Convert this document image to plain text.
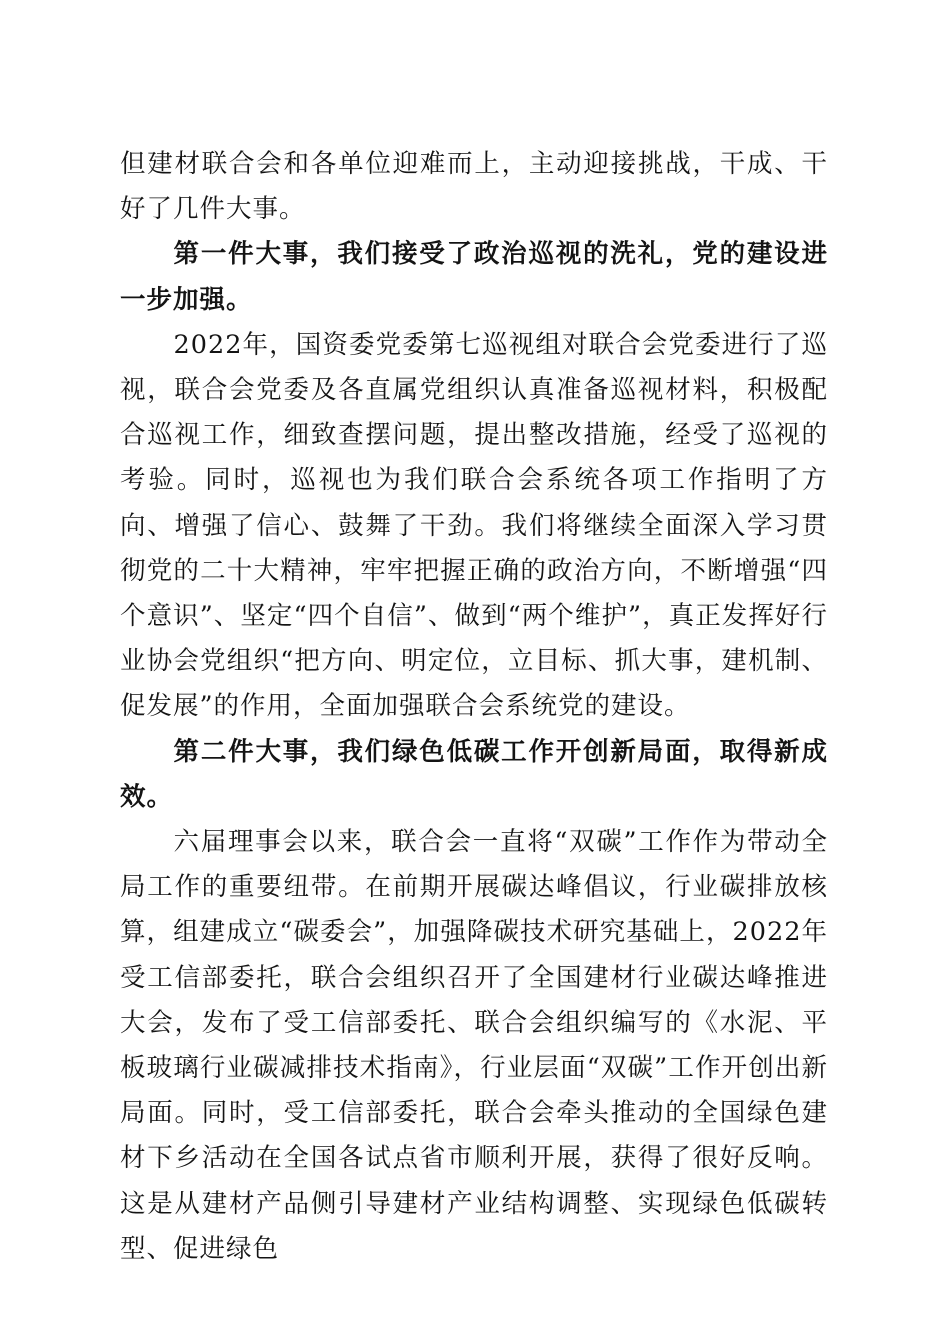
但建材联合会和各单位迎难而上，主动迎接挑战，干成、干好了几件大事。

第一件大事，我们接受了政治巡视的洗礼，党的建设进一步加强。

2022年，国资委党委第七巡视组对联合会党委进行了巡视，联合会党委及各直属党组织认真准备巡视材料，积极配合巡视工作，细致查摆问题，提出整改措施，经受了巡视的考验。同时，巡视也为我们联合会系统各项工作指明了方向、增强了信心、鼓舞了干劲。我们将继续全面深入学习贯彻党的二十大精神，牢牢把握正确的政治方向，不断增强“四个意识”、坚定“四个自信”、做到“两个维护”，真正发挥好行业协会党组织“把方向、明定位，立目标、抓大事，建机制、促发展”的作用，全面加强联合会系统党的建设。

第二件大事，我们绿色低碳工作开创新局面，取得新成效。

六届理事会以来，联合会一直将“双碳”工作作为带动全局工作的重要纽带。在前期开展碳达峰倡议，行业碳排放核算，组建成立“碳委会”，加强降碳技术研究基础上，2022年受工信部委托，联合会组织召开了全国建材行业碳达峰推进大会，发布了受工信部委托、联合会组织编写的《水泥、平板玻璃行业碳减排技术指南》，行业层面“双碳”工作开创出新局面。同时，受工信部委托，联合会牵头推动的全国绿色建材下乡活动在全国各试点省市顺利开展，获得了很好反响。这是从建材产品侧引导建材产业结构调整、实现绿色低碳转型、促进绿色
